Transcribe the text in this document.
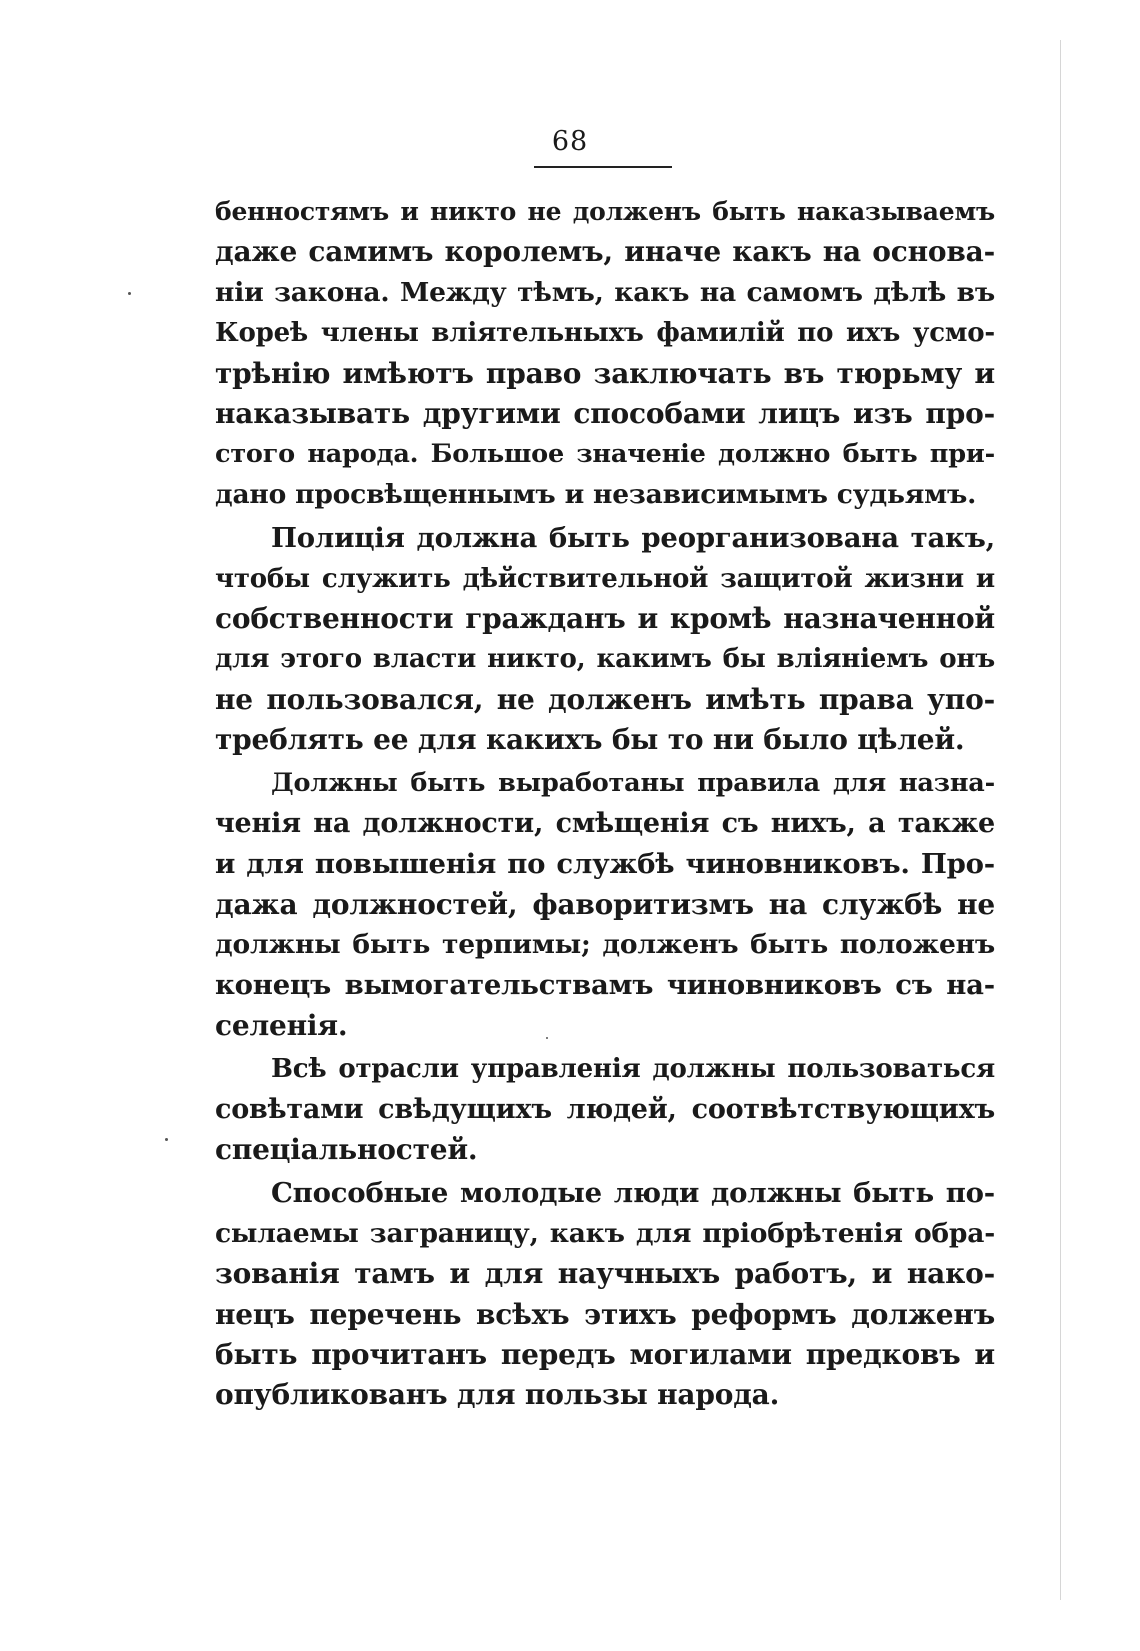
68
бенностямъ и никто не долженъ быть наказываемъ
даже самимъ королемъ, иначе какъ на основа-
нiи закона. Между тѣмъ, какъ на самомъ дѣлѣ въ
Кореѣ члены влiятельныхъ фамилiй по ихъ усмо-
трѣнiю имѣютъ право заключать въ тюрьму и
наказывать другими способами лицъ изъ про-
стого народа. Большое значенiе должно быть при-
дано просвѣщеннымъ и независимымъ судьямъ.
Полицiя должна быть реорганизована такъ,
чтобы служить дѣйствительной защитой жизни и
собственности гражданъ и кромѣ назначенной
для этого власти никто, какимъ бы влiянiемъ онъ
не пользовался, не долженъ имѣть права упо-
треблять ее для какихъ бы то ни было цѣлей.
Должны быть выработаны правила для назна-
ченiя на должности, смѣщенiя съ нихъ, а также
и для повышенiя по службѣ чиновниковъ. Про-
дажа должностей, фаворитизмъ на службѣ не
должны быть терпимы; долженъ быть положенъ
конецъ вымогательствамъ чиновниковъ съ на-
селенiя.
Всѣ отрасли управленiя должны пользоваться
совѣтами свѣдущихъ людей, соотвѣтствующихъ
спецiальностей.
Способные молодые люди должны быть по-
сылаемы заграницу, какъ для прiобрѣтенiя обра-
зованiя тамъ и для научныхъ работъ, и нако-
нецъ перечень всѣхъ этихъ реформъ долженъ
быть прочитанъ передъ могилами предковъ и
опубликованъ для пользы народа.
